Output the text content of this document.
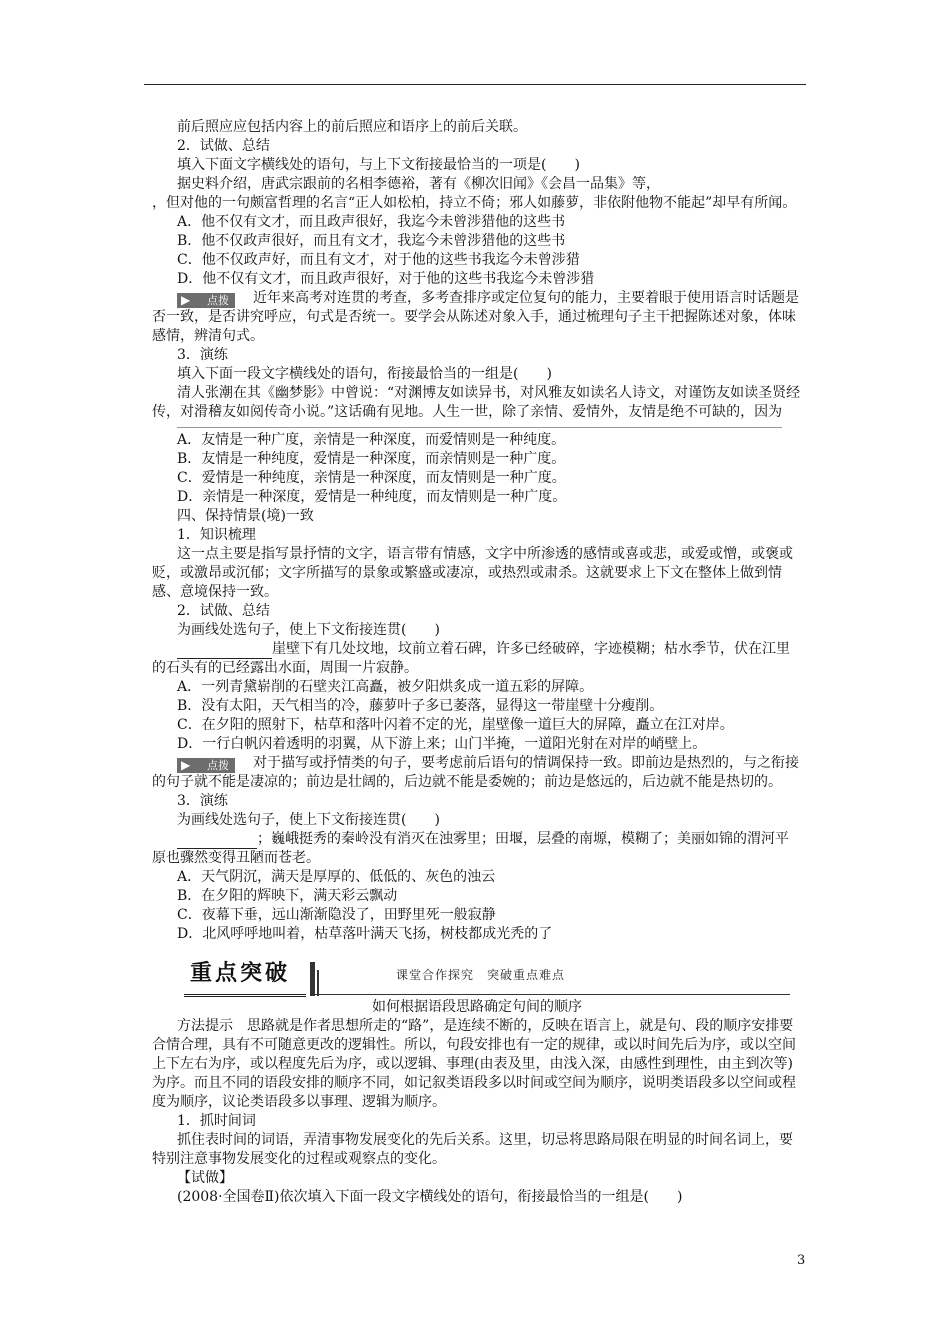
前后照应应包括内容上的前后照应和语序上的前后关联。

2．试做、总结

填入下面文字横线处的语句，与上下文衔接最恰当的一项是(　　)

据史料介绍，唐武宗跟前的名相李德裕，著有《柳次旧闻》《会昌一品集》等，

，但对他的一句颇富哲理的名言“正人如松柏，持立不倚；邪人如藤萝，非依附他物不能起”却早有所闻。

A．他不仅有文才，而且政声很好，我迄今未曾涉猎他的这些书

B．他不仅政声很好，而且有文才，我迄今未曾涉猎他的这些书

C．他不仅政声好，而且有文才，对于他的这些书我迄今未曾涉猎

D．他不仅有文才，而且政声很好，对于他的这些书我迄今未曾涉猎

▶ 点拨 近年来高考对连贯的考查，多考查排序或定位复句的能力，主要着眼于使用语言时话题是否一致，是否讲究呼应，句式是否统一。要学会从陈述对象入手，通过梳理句子主干把握陈述对象，体味感情，辨清句式。

3．演练

填入下面一段文字横线处的语句，衔接最恰当的一组是(　　)

清人张潮在其《幽梦影》中曾说：“对渊博友如读异书，对风雅友如读名人诗文，对谨饬友如读圣贤经传，对滑稽友如阅传奇小说。”这话确有见地。人生一世，除了亲情、爱情外，友情是绝不可缺的，因为

A．友情是一种广度，亲情是一种深度，而爱情则是一种纯度。

B．友情是一种纯度，爱情是一种深度，而亲情则是一种广度。

C．爱情是一种纯度，亲情是一种深度，而友情则是一种广度。

D．亲情是一种深度，爱情是一种纯度，而友情则是一种广度。

四、保持情景(境)一致

1．知识梳理

这一点主要是指写景抒情的文字，语言带有情感，文字中所渗透的感情或喜或悲，或爱或憎，或褒或贬，或激昂或沉郁；文字所描写的景象或繁盛或凄凉，或热烈或肃杀。这就要求上下文在整体上做到情感、意境保持一致。

2．试做、总结

为画线处选句子，使上下文衔接连贯(　　)

崖壁下有几处坟地，坟前立着石碑，许多已经破碎，字迹模糊；枯水季节，伏在江里的石头有的已经露出水面，周围一片寂静。

A．一列青黛崭削的石壁夹江高矗，被夕阳烘炙成一道五彩的屏障。

B．没有太阳，天气相当的冷，藤萝叶子多已萎落，显得这一带崖壁十分瘦削。

C．在夕阳的照射下，枯草和落叶闪着不定的光，崖壁像一道巨大的屏障，矗立在江对岸。

D．一行白帆闪着透明的羽翼，从下游上来；山门半掩，一道阳光射在对岸的峭壁上。

▶ 点拨 对于描写或抒情类的句子，要考虑前后语句的情调保持一致。即前边是热烈的，与之衔接的句子就不能是凄凉的；前边是壮阔的，后边就不能是委婉的；前边是悠远的，后边就不能是热切的。

3．演练

为画线处选句子，使上下文衔接连贯(　　)

；巍峨挺秀的秦岭没有消灭在浊雾里；田堰，层叠的南塬，模糊了；美丽如锦的渭河平原也骤然变得丑陋而苍老。

A．天气阴沉，满天是厚厚的、低低的、灰色的浊云

B．在夕阳的辉映下，满天彩云飘动

C．夜幕下垂，远山渐渐隐没了，田野里死一般寂静

D．北风呼呼地叫着，枯草落叶满天飞扬，树枝都成光秃的了

重点突破	课堂合作探究　突破重点难点

如何根据语段思路确定句间的顺序

方法提示　思路就是作者思想所走的“路”，是连续不断的，反映在语言上，就是句、段的顺序安排要合情合理，具有不可随意更改的逻辑性。所以，句段安排也有一定的规律，或以时间先后为序，或以空间上下左右为序，或以程度先后为序，或以逻辑、事理(由表及里，由浅入深，由感性到理性，由主到次等)为序。而且不同的语段安排的顺序不同，如记叙类语段多以时间或空间为顺序，说明类语段多以空间或程度为顺序，议论类语段多以事理、逻辑为顺序。

1．抓时间词

抓住表时间的词语，弄清事物发展变化的先后关系。这里，切忌将思路局限在明显的时间名词上，要特别注意事物发展变化的过程或观察点的变化。

【试做】

(2008·全国卷Ⅱ)依次填入下面一段文字横线处的语句，衔接最恰当的一组是(　　)

3
